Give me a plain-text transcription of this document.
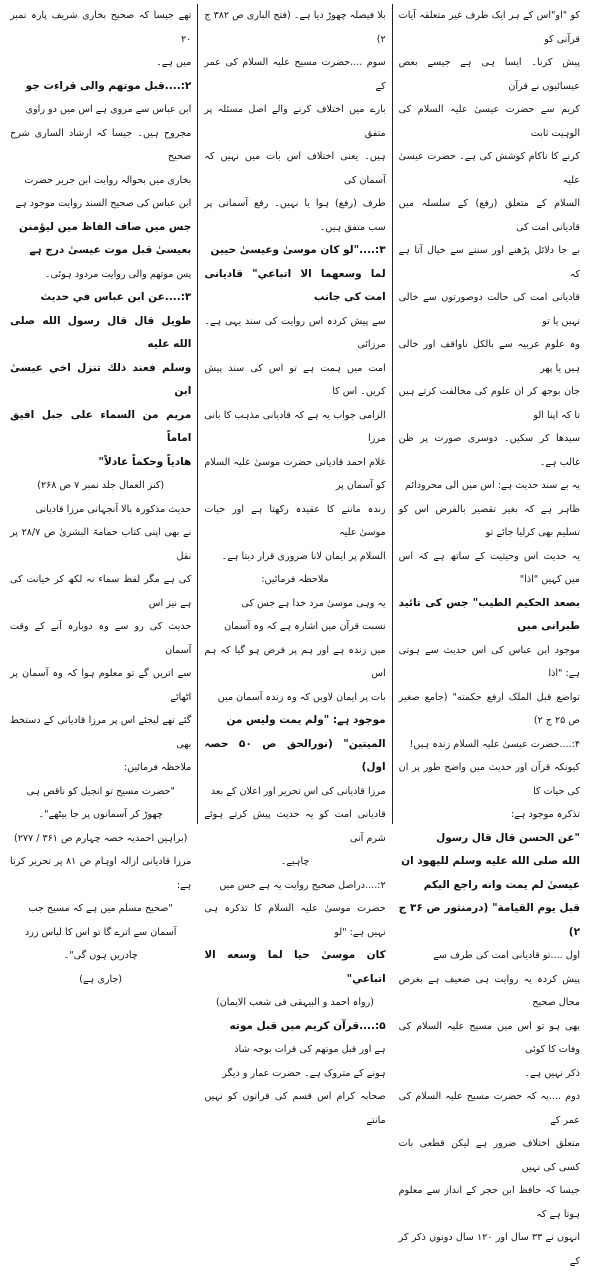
کو "او"اس کے ہر ایک طرف غیر متعلقہ آیات قرآنی کو

پیش کرنا۔ ایسا ہی ہے جیسے بعض عیسائیوں نے قرآن

کریم سے حضرت عیسیٰ علیہ السلام کی الوہیت ثابت

کرنے کا ناکام کوشش کی ہے۔ حضرت عیسیٰ علیہ

السلام کے متعلق (رفع) کے سلسلہ میں قادیانی امت کی

بے جا دلائل پڑھنے اور سننے سے خیال آتا ہے کہ

قادیانی امت کی حالت دوصورتوں سے خالی نہیں یا تو

وہ علوم عربیہ سے بالکل ناواقف اور خالی ہیں یا پھر

جان بوجھ کر ان علوم کی مخالفت کرتے ہیں تا کہ اپنا الو

سیدھا کر سکیں۔ دوسری صورت پر ظن غالب ہے۔

یہ بے سند حدیث ہے: اس میں الی محرودائم

ظاہر ہے کہ بغیر تقصیر بالفرض اس کو تسلیم بھی کرلیا جائے تو

یہ حدیث اس وحیثیت کے ساتھ ہے کہ اس میں کہیں "اذا"

بصعد الحكيم الطيب" جس کی تائید طبرانی میں

موجود ابن عباس کی اس حدیث سے ہوتی ہے: "اذا

تواضع قبل الملک ارفع حکمته" (جامع صغیر ص ۲۵ ج ۲)

۴:....حضرت عیسیٰ علیہ السلام زندہ ہیں!

کیونکہ قرآن اور حدیث میں واضح طور پر ان کی حیات کا

تذکرہ موجود ہے:

"عن الحسن قال قال رسول

الله صلى الله عليه وسلم لليهود ان

عیسیٰ لم یمت وانه راجع اليكم

قبل یوم القیامة" (درمنثور ص ۳۶ ج ۲)

اول ....تو قادیانی امت کی طرف سے

پیش کردہ یہ روایت ہی ضعیف ہے بغرض محال صحیح

بھی ہو تو اس میں مسیح علیہ السلام کی وفات کا کوئی

ذکر نہیں ہے۔

دوم ....یہ کہ حضرت مسیح علیہ السلام کی عمر کے

متعلق اختلاف ضرور ہے لیکن قطعی بات کسی کی نہیں

جیسا کہ حافظ ابن حجر کے انداز سے معلوم ہوتا ہے کہ

انہوں نے ۳۳ سال اور ۱۲۰ سال دونوں ذکر کر کے

بلا فیصلہ چھوڑ دیا ہے۔ (فتح الباری ص ۳۸۲ ج ۲)

سوم ....حضرت مسیح علیہ السلام کی عمر کے

بارے میں اختلاف کرنے والے اصل مسئلہ پر متفق

ہیں۔ یعنی اختلاف اس بات میں نہیں کہ آسمان کی

طرف (رفع) ہوا یا نہیں۔ رفع آسمانی پر سب متفق ہیں۔

۳:...."لو كان موسىٰ وعيسىٰ حيين

لما وسعهما الا اتباعي" قادیانی امت کی جانب

سے پیش کردہ اس روایت کی سند یہی ہے۔ مرزائی

امت میں ہمت ہے تو اس کی سند پیش کریں۔ اس کا

الزامی جواب یہ ہے کہ قادیانی مذہب کا بانی مرزا

غلام احمد قادیانی حضرت موسیٰ علیہ السلام کو آسمان پر

زندہ ماننے کا عقیدہ رکھتا ہے اور حیات موسیٰ علیہ

السلام پر ایمان لانا ضروری قرار دیتا ہے۔

ملاحظہ فرمائیں:

یہ وہی موسیٰ مرد خدا ہے جس کی

نسبت قرآن میں اشارہ ہے کہ وہ آسمان

میں زندہ ہے اور ہم پر فرض ہو گیا کہ ہم اس

بات پر ایمان لاویں کہ وہ زندہ آسمان میں

موجود ہے: "ولم يمت وليس من

الميتين" (نورالحق ص ۵۰ حصہ اول)

مرزا قادیانی کی اس تحریر اور اعلان کے بعد

قادیانی امت کو یہ حدیث پیش کرتے ہوئے شرم آنی

چاہیے۔

۲:....دراصل صحیح روایت یہ ہے جس میں

حضرت موسیٰ علیہ السلام کا تذکرہ ہی نہیں ہے: "لو

كان موسىٰ حيا لما وسعه الا اتباعي"

(رواہ احمد و البیہقی فی شعب الایمان)

۵:....قرآن کریم میں قبل موته

ہے اور قبل موتهم کی قرات بوجہ شاذ

ہونے کے متروک ہے۔ حضرت عمار و دیگر

صحابہ کرام اس قسم کی قراتوں کو نہیں مانتے

تھے جیسا کہ صحیح بخاری شریف پارہ نمبر ۲۰

میں ہے۔

۲:....قبل موتهم والی قراءت جو

ابن عباس سے مروی ہے اس میں دو راوی

مجروح ہیں۔ جیسا کہ ارشاد الساری شرح صحیح

بخاری میں بحوالہ روایت ابن جریر حضرت

ابن عباس کی صحیح السند روایت موجود ہے

جس میں صاف الفاظ میں لیؤمنن

بعیسیٰ قبل موت عیسیٰ درج ہے

پس موتهم والی روایت مردود ہوئی۔

۳:....عن ابن عباس في حديث

طويل قال قال رسول الله صلى الله عليه

وسلم فعند ذلك تنزل اخي عيسىٰ ابن

مريم من السماء على جبل افيق اماماً

هادياً وحكماً عادلاً"

(کنز العمال جلد نمبر ۷ ص ۲۶۸)

حدیث مذکورہ بالا آنجہانی مرزا قادیانی

نے بھی اپنی کتاب حمامۃ البشریٰ ص ۲۸/۷ پر نقل

کی ہے مگر لفظ سماء نہ لکھ کر خیانت کی ہے نیز اس

حدیث کی رو سے وہ دوبارہ آنے کے وقت آسمان

سے اتریں گے تو معلوم ہوا کہ وہ آسمان پر اٹھائے

گئے تھے لیجئے اس پر مرزا قادیانی کے دستخط بھی

ملاحظہ فرمائیں:

"حضرت مسیح تو انجیل کو ناقص ہی

چھوڑ کر آسمانوں پر جا بیٹھے"۔

(براہین احمدیہ حصہ چہارم ص ۳۶۱ / ۲۷۷)

مرزا قادیانی ازالہ اوہام ص ۸۱ پر تحریر کرتا ہے:

"صحیح مسلم میں ہے کہ مسیح جب

آسمان سے اترے گا تو اس کا لباس زرد

چادریں ہوں گی"۔

(جاری ہے)
